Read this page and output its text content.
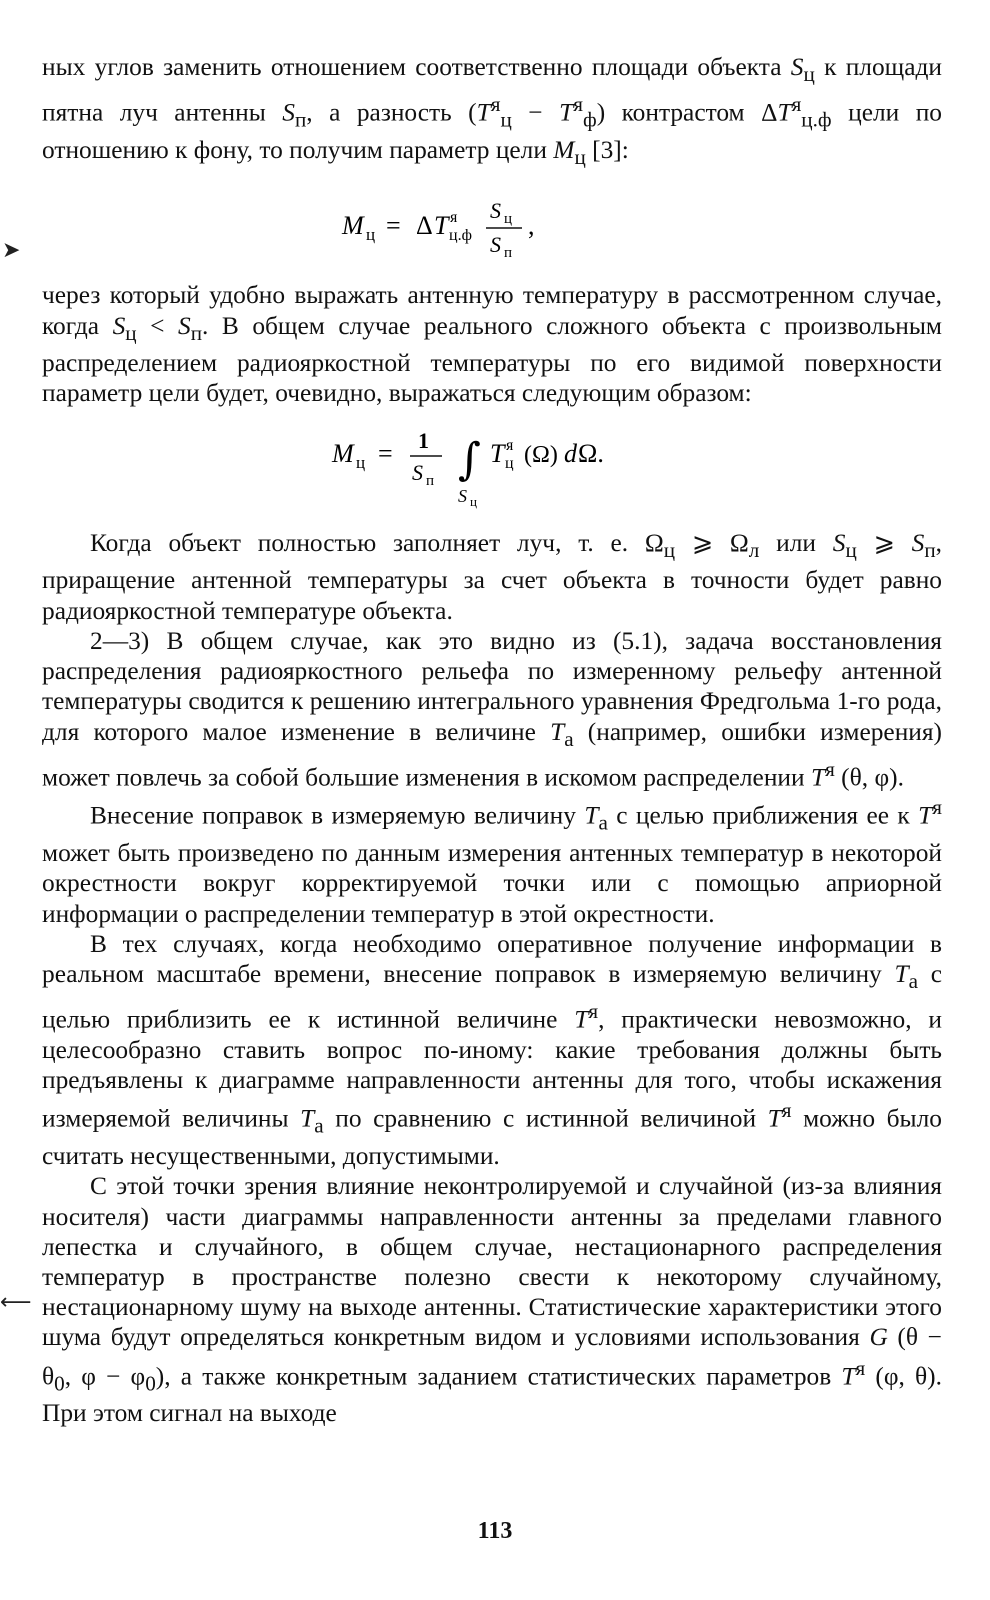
ных углов заменить отношением соответственно площади объекта $S_ц$ к площади пятна луч антенны $S_п$, а разность $(T^я_ц - T^я_ф)$ контрастом $\Delta T^я_{ц.ф}$ цели по отношению к фону, то получим параметр цели $M_ц$ [3]:

M ц = Δ T я
ц.ф
S ц
S п
,

через который удобно выражать антенную температуру в рассмотренном случае, когда $S_ц < S_п$. В общем случае реального сложного объекта с произвольным распределением радиояркостной температуры по его видимой поверхности параметр цели будет, очевидно, выражаться следующим образом:

M ц = 1
S п ∫
S ц
T я
ц (Ω) d Ω.

Когда объект полностью заполняет луч, т. е. $\Omega_ц$ ⩾ $\Omega_л$ или $S_ц$ ⩾ $S_п$, приращение антенной температуры за счет объекта в точности будет равно радиояркостной температуре объекта.

2—3) В общем случае, как это видно из (5.1), задача восстановления распределения радиояркостного рельефа по измеренному рельефу антенной температуры сводится к решению интегрального уравнения Фредгольма 1-го рода, для которого малое изменение в величине $T_а$ (например, ошибки измерения) может повлечь за собой большие изменения в искомом распределении $T^я$ (θ, φ).

Внесение поправок в измеряемую величину $T_а$ с целью приближения ее к $T^я$ может быть произведено по данным измерения антенных температур в некоторой окрестности вокруг корректируемой точки или с помощью априорной информации о распределении температур в этой окрестности.

В тех случаях, когда необходимо оперативное получение информации в реальном масштабе времени, внесение поправок в измеряемую величину $T_а$ с целью приблизить ее к истинной величине $T^я$, практически невозможно, и целесообразно ставить вопрос по-иному: какие требования должны быть предъявлены к диаграмме направленности антенны для того, чтобы искажения измеряемой величины $T_а$ по сравнению с истинной величиной $T^я$ можно было считать несущественными, допустимыми.

С этой точки зрения влияние неконтролируемой и случайной (из-за влияния носителя) части диаграммы направленности антенны за пределами главного лепестка и случайного, в общем случае, нестационарного распределения температур в пространстве полезно свести к некоторому случайному, нестационарному шуму на выходе антенны. Статистические характеристики этого шума будут определяться конкретным видом и условиями использования G ($\theta - \theta_0$, $\varphi - \varphi_0$), а также конкретным заданием статистических параметров $T^я$ (φ, θ). При этом сигнал на выходе

➤
⟵
113
